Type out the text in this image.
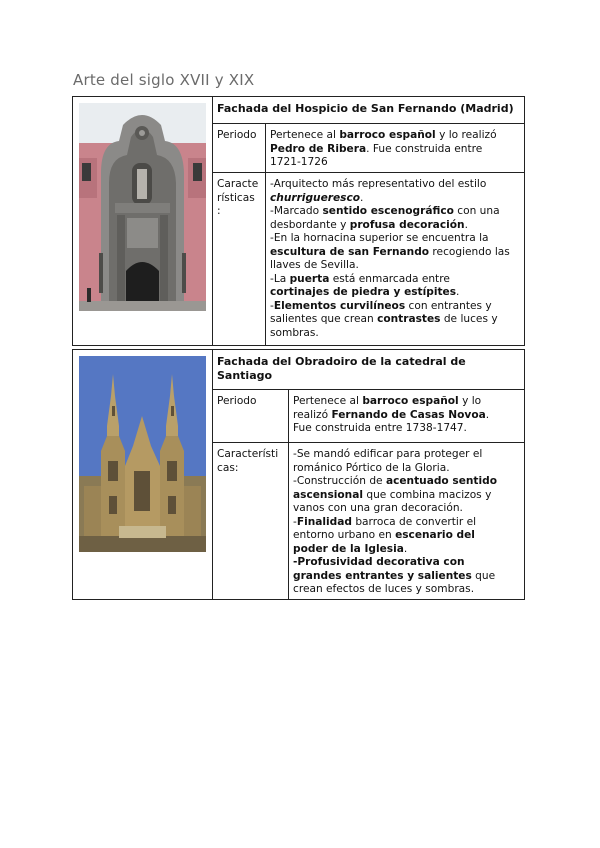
Arte del siglo XVII y XIX
Fachada del Hospicio de San Fernando (Madrid)
Periodo	Pertenece al barroco español y lo realizó
Pedro de Ribera. Fue construida entre
1721-1726
Caracte
rísticas
:
-Arquitecto más representativo del estilo
churrigueresco.
-Marcado sentido escenográfico con una
desbordante y profusa decoración.
-En la hornacina superior se encuentra la
escultura de san Fernando recogiendo las
llaves de Sevilla.
-La puerta está enmarcada entre
cortinajes de piedra y estípites.
-Elementos curvilíneos con entrantes y
salientes que crean contrastes de luces y
sombras.
Fachada del Obradoiro de la catedral de
Santiago
Periodo	Pertenece al barroco español y lo
realizó Fernando de Casas Novoa.
Fue construida entre 1738-1747.
Característi
cas:
-Se mandó edificar para proteger el
románico Pórtico de la Gloria.
-Construcción de acentuado sentido
ascensional que combina macizos y
vanos con una gran decoración.
-Finalidad barroca de convertir el
entorno urbano en escenario del
poder de la Iglesia.
-Profusividad decorativa con
grandes entrantes y salientes que
crean efectos de luces y sombras.
